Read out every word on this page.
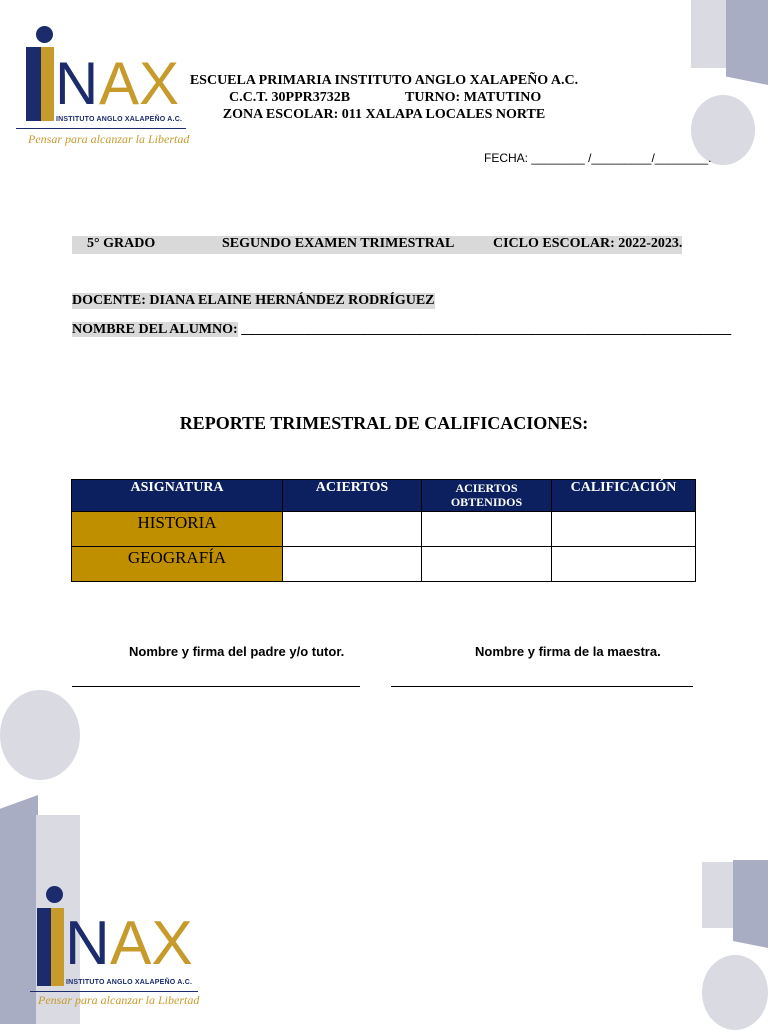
N AX
INSTITUTO ANGLO XALAPEÑO A.C.
Pensar para alcanzar la Libertad
ESCUELA PRIMARIA INSTITUTO ANGLO XALAPEÑO A.C.
C.C.T. 30PPR3732B	TURNO: MATUTINO
ZONA ESCOLAR: 011 XALAPA LOCALES NORTE
FECHA: ________ /_________/________.
5° GRADO	SEGUNDO EXAMEN TRIMESTRAL	CICLO ESCOLAR: 2022-2023.
DOCENTE: DIANA ELAINE HERNÁNDEZ RODRÍGUEZ
NOMBRE DEL ALUMNO: ______________________________________________________________________
REPORTE TRIMESTRAL DE CALIFICACIONES:
ASIGNATURA	ACIERTOS	ACIERTOS OBTENIDOS	CALIFICACIÓN
HISTORIA			
GEOGRAFÍA			
Nombre y firma del padre y/o tutor.	Nombre y firma de la maestra.
N AX
INSTITUTO ANGLO XALAPEÑO A.C.
Pensar para alcanzar la Libertad
